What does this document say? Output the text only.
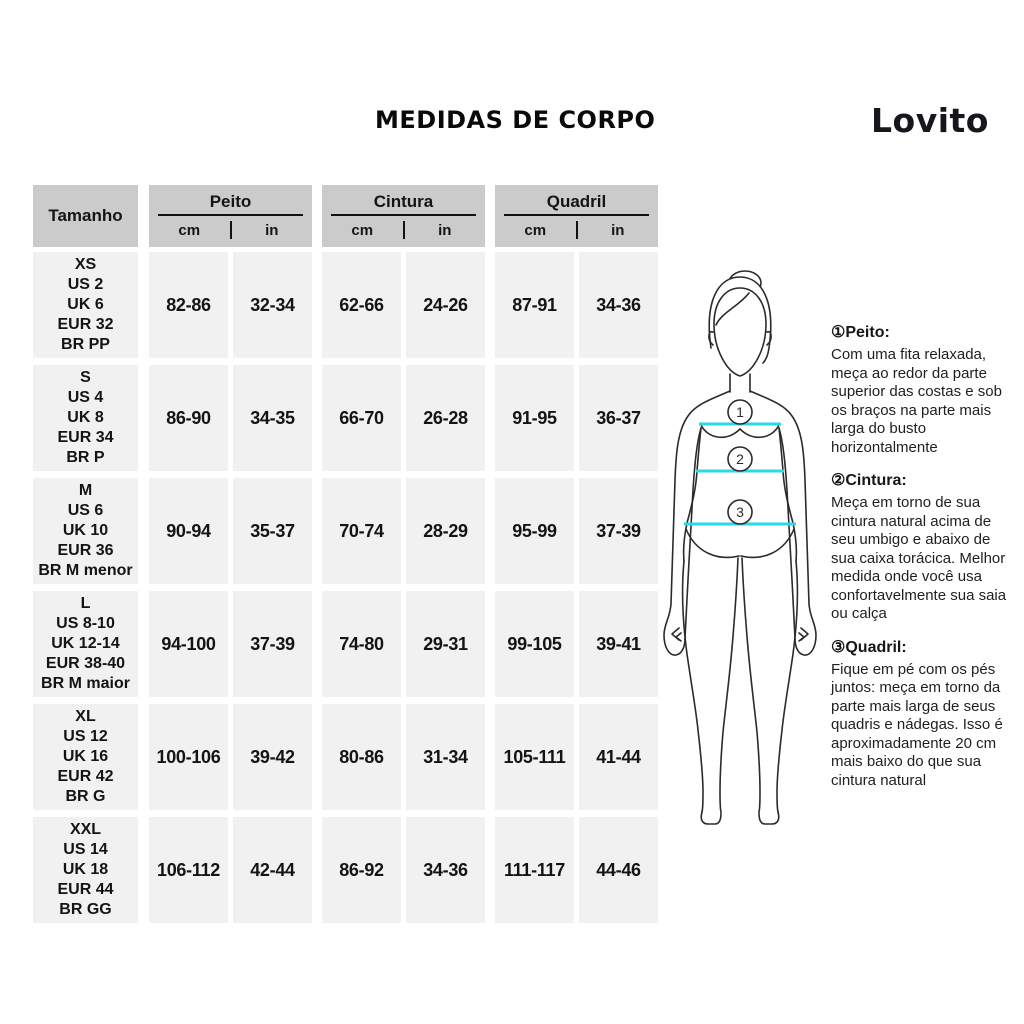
MEDIDAS DE CORPO	Lovito
Tamanho
Peito
cm	in
Cintura
cm	in
Quadril
cm	in
XS
US 2
UK 6
EUR 32
BR PP
82-86	32-34	62-66	24-26	87-91	34-36
S
US 4
UK 8
EUR 34
BR P
86-90	34-35	66-70	26-28	91-95	36-37
M
US 6
UK 10
EUR 36
BR M menor
90-94	35-37	70-74	28-29	95-99	37-39
L
US 8-10
UK 12-14
EUR 38-40
BR M maior
94-100	37-39	74-80	29-31	99-105	39-41
XL
US 12
UK 16
EUR 42
BR G
100-106	39-42	80-86	31-34	105-111	41-44
XXL
US 14
UK 18
EUR 44
BR GG
106-112	42-44	86-92	34-36	111-117	44-46
1
2
3
①Peito:
Com uma fita relaxada, meça ao redor da parte superior das costas e sob os braços na parte mais larga do busto horizontalmente
②Cintura:
Meça em torno de sua cintura natural acima de seu umbigo e abaixo de sua caixa torácica. Melhor medida onde você usa confortavelmente sua saia ou calça
③Quadril:
Fique em pé com os pés juntos: meça em torno da parte mais larga de seus quadris e nádegas. Isso é aproximadamente 20 cm mais baixo do que sua cintura natural
